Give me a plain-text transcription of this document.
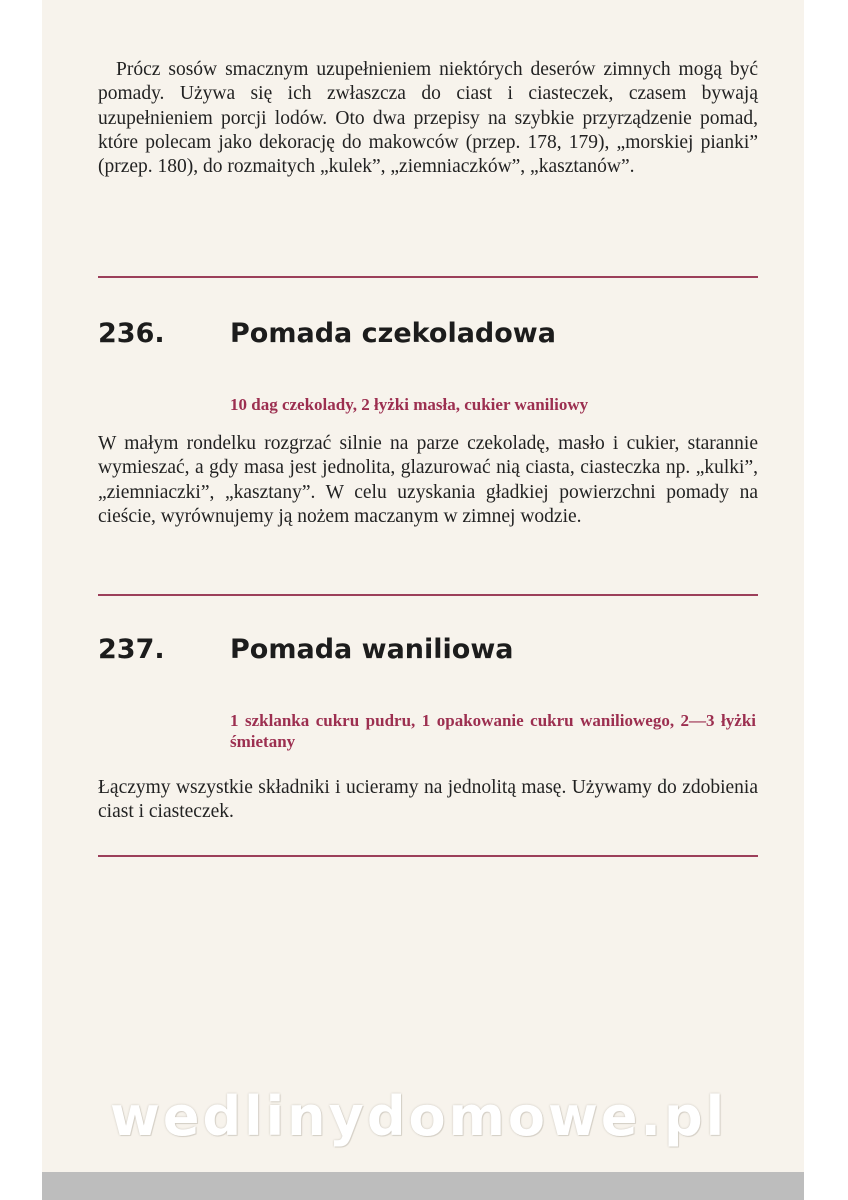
Prócz sosów smacznym uzupełnieniem niektórych deserów zimnych mogą być pomady. Używa się ich zwłaszcza do ciast i ciasteczek, czasem bywają uzupełnieniem porcji lodów. Oto dwa przepisy na szybkie przyrządzenie pomad, które polecam jako dekorację do makowców (przep. 178, 179), „morskiej pianki” (przep. 180), do rozmaitych „kulek”, „ziemniaczków”, „kasztanów”.

236. Pomada czekoladowa
10 dag czekolady, 2 łyżki masła, cukier waniliowy

W małym rondelku rozgrzać silnie na parze czekoladę, masło i cukier, starannie wymieszać, a gdy masa jest jednolita, glazurować nią ciasta, ciasteczka np. „kulki”, „ziemniaczki”, „kasztany”. W celu uzyskania gładkiej powierzchni pomady na cieście, wyrównujemy ją nożem maczanym w zimnej wodzie.

237. Pomada waniliowa
1 szklanka cukru pudru, 1 opakowanie cukru waniliowego, 2—3 łyżki śmietany

Łączymy wszystkie składniki i ucieramy na jednolitą masę. Używamy do zdobienia ciast i ciasteczek.

wedlinydomowe.pl
